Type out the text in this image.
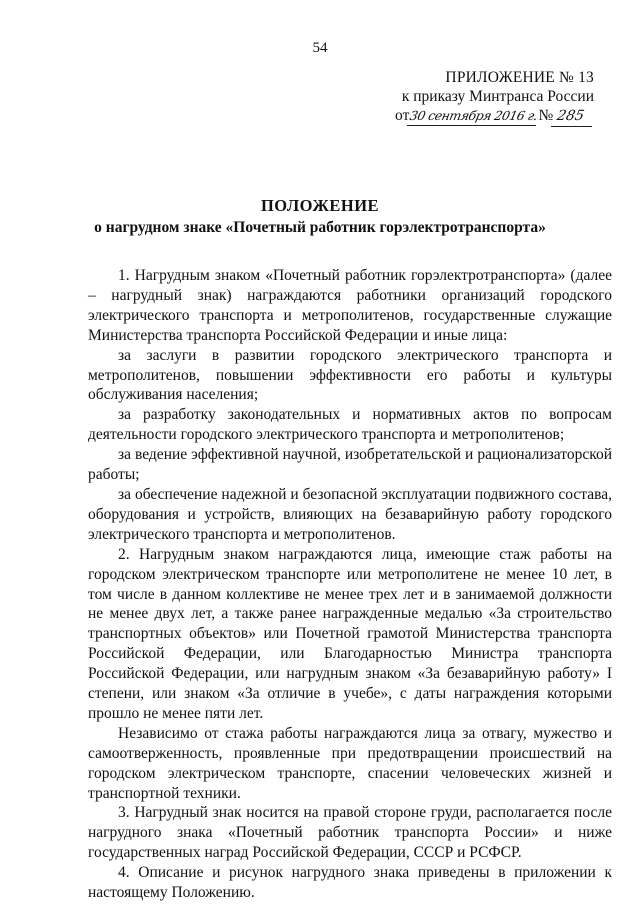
54
ПРИЛОЖЕНИЕ № 13
к приказу Минтранса России
от 30 сентября 2016 г. № 285
ПОЛОЖЕНИЕ
о нагрудном знаке «Почетный работник горэлектротранспорта»

1. Нагрудным знаком «Почетный работник горэлектротранспорта» (далее – нагрудный знак) награждаются работники организаций городского электрического транспорта и метрополитенов, государственные служащие Министерства транспорта Российской Федерации и иные лица:

за заслуги в развитии городского электрического транспорта и метрополитенов, повышении эффективности его работы и культуры обслуживания населения;

за разработку законодательных и нормативных актов по вопросам деятельности городского электрического транспорта и метрополитенов;

за ведение эффективной научной, изобретательской и рационализаторской работы;

за обеспечение надежной и безопасной эксплуатации подвижного состава, оборудования и устройств, влияющих на безаварийную работу городского электрического транспорта и метрополитенов.

2. Нагрудным знаком награждаются лица, имеющие стаж работы на городском электрическом транспорте или метрополитене не менее 10 лет, в том числе в данном коллективе не менее трех лет и в занимаемой должности не менее двух лет, а также ранее награжденные медалью «За строительство транспортных объектов» или Почетной грамотой Министерства транспорта Российской Федерации, или Благодарностью Министра транспорта Российской Федерации, или нагрудным знаком «За безаварийную работу» I степени, или знаком «За отличие в учебе», с даты награждения которыми прошло не менее пяти лет.

Независимо от стажа работы награждаются лица за отвагу, мужество и самоотверженность, проявленные при предотвращении происшествий на городском электрическом транспорте, спасении человеческих жизней и транспортной техники.

3. Нагрудный знак носится на правой стороне груди, располагается после нагрудного знака «Почетный работник транспорта России» и ниже государственных наград Российской Федерации, СССР и РСФСР.

4. Описание и рисунок нагрудного знака приведены в приложении к настоящему Положению.
